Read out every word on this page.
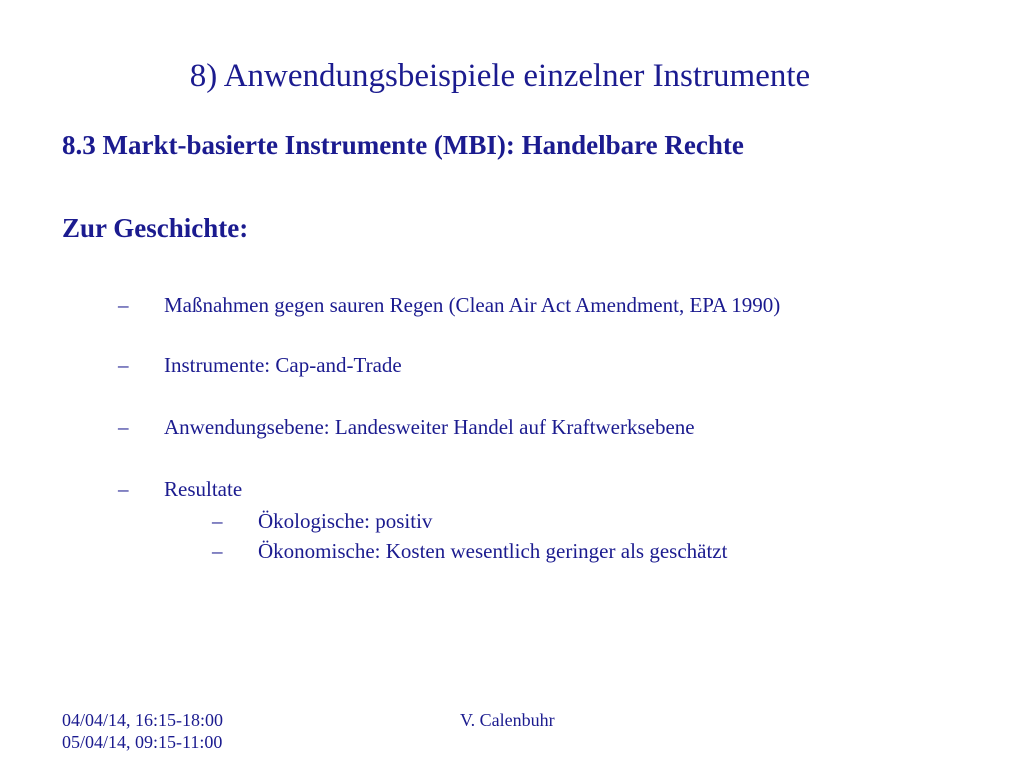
8) Anwendungsbeispiele einzelner Instrumente
8.3 Markt-basierte Instrumente (MBI): Handelbare Rechte
Zur Geschichte:
– Maßnahmen gegen sauren Regen (Clean Air Act Amendment, EPA 1990)
– Instrumente: Cap-and-Trade
– Anwendungsebene: Landesweiter Handel auf Kraftwerksebene
– Resultate
– Ökologische: positiv
– Ökonomische: Kosten wesentlich geringer als geschätzt
04/04/14, 16:15-18:00
05/04/14, 09:15-11:00
V. Calenbuhr
